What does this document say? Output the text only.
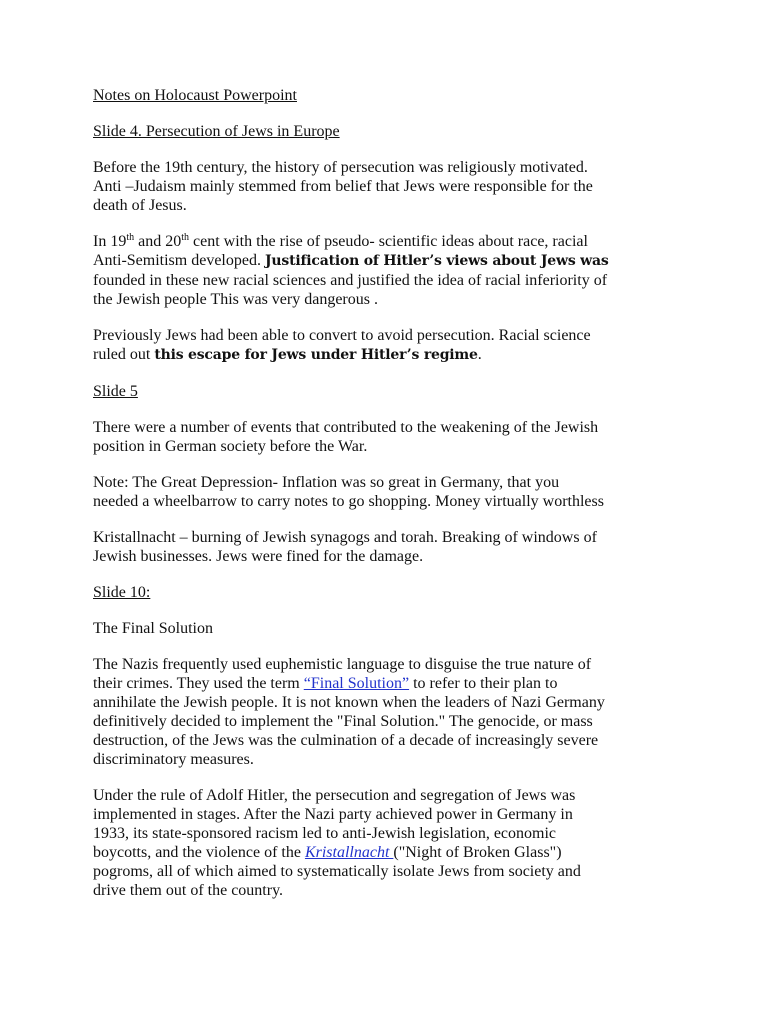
Notes on Holocaust Powerpoint

Slide 4. Persecution of Jews in Europe

Before the 19th century, the history of persecution was religiously motivated.
Anti –Judaism mainly stemmed from belief that Jews were responsible for the
death of Jesus.

In 19th and 20th cent with the rise of pseudo- scientific ideas about race, racial
Anti-Semitism developed. Justification of Hitler’s views about Jews was
founded in these new racial sciences and justified the idea of racial inferiority of
the Jewish people This was very dangerous .

Previously Jews had been able to convert to avoid persecution. Racial science
ruled out this escape for Jews under Hitler’s regime.

Slide 5

There were a number of events that contributed to the weakening of the Jewish
position in German society before the War.

Note: The Great Depression- Inflation was so great in Germany, that you
needed a wheelbarrow to carry notes to go shopping. Money virtually worthless

Kristallnacht – burning of Jewish synagogs and torah. Breaking of windows of
Jewish businesses. Jews were fined for the damage.

Slide 10:

The Final Solution

The Nazis frequently used euphemistic language to disguise the true nature of
their crimes. They used the term “Final Solution” to refer to their plan to
annihilate the Jewish people. It is not known when the leaders of Nazi Germany
definitively decided to implement the "Final Solution." The genocide, or mass
destruction, of the Jews was the culmination of a decade of increasingly severe
discriminatory measures.

Under the rule of Adolf Hitler, the persecution and segregation of Jews was
implemented in stages. After the Nazi party achieved power in Germany in
1933, its state-sponsored racism led to anti-Jewish legislation, economic
boycotts, and the violence of the Kristallnacht ("Night of Broken Glass")
pogroms, all of which aimed to systematically isolate Jews from society and
drive them out of the country.
